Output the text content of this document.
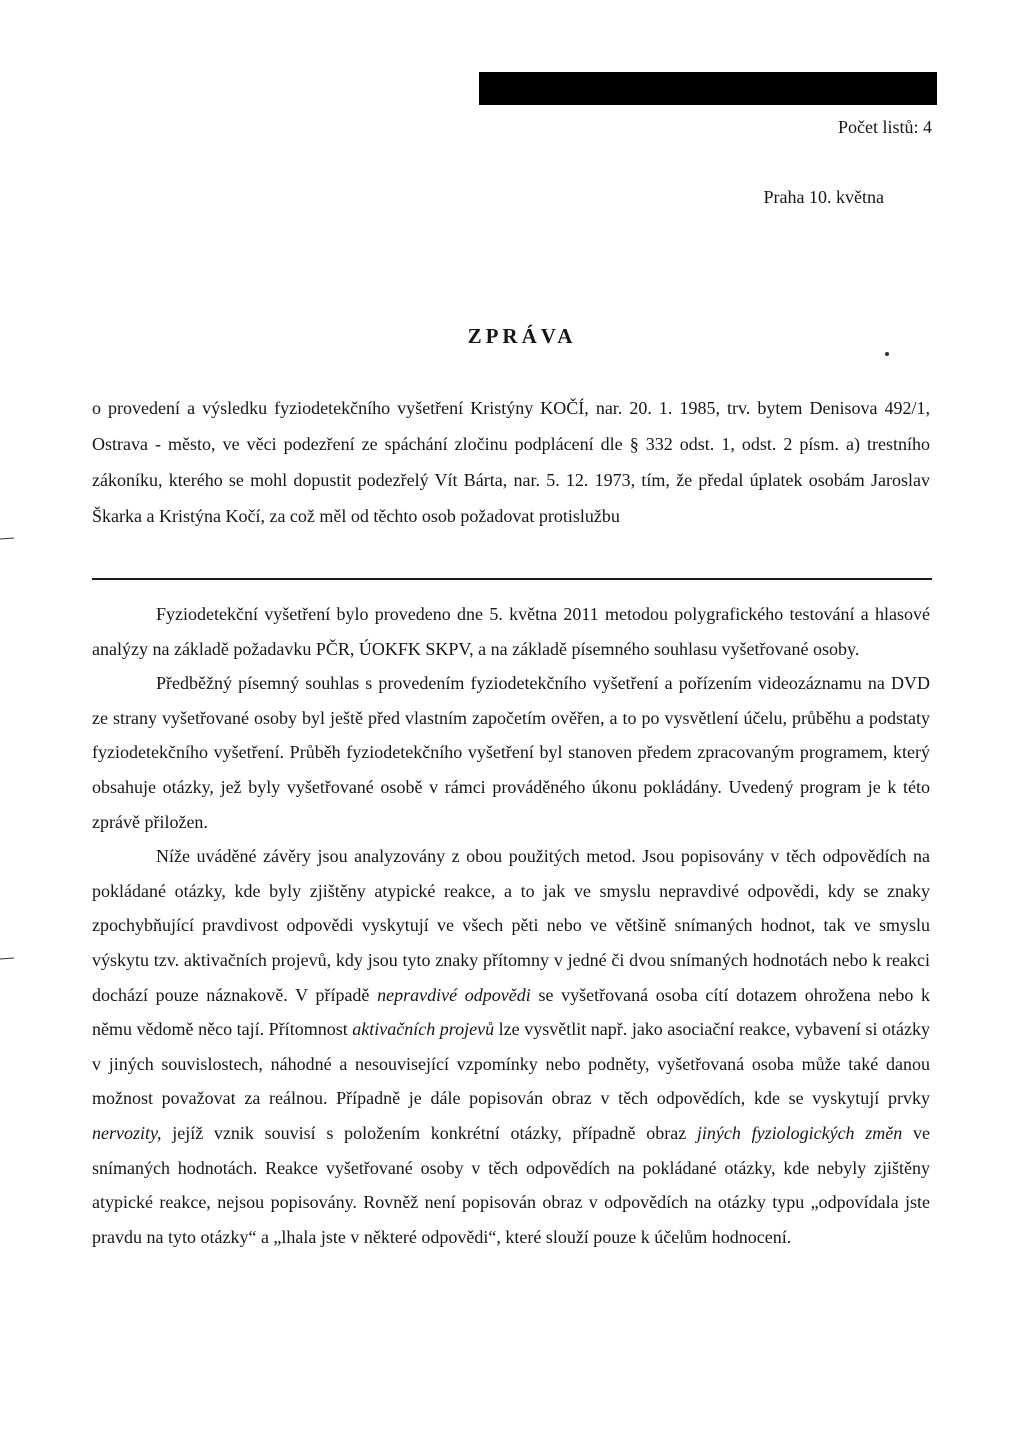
Počet listů: 4
Praha 10. května
ZPRÁVA

o provedení a výsledku fyziodetekčního vyšetření Kristýny KOČÍ, nar. 20. 1. 1985, trv. bytem Denisova 492/1, Ostrava - město, ve věci podezření ze spáchání zločinu podplácení dle § 332 odst. 1, odst. 2 písm. a) trestního zákoníku, kterého se mohl dopustit podezřelý Vít Bárta, nar. 5. 12. 1973, tím, že předal úplatek osobám Jaroslav Škarka a Kristýna Kočí, za což měl od těchto osob požadovat protislužbu

Fyziodetekční vyšetření bylo provedeno dne 5. května 2011 metodou polygrafického testování a hlasové analýzy na základě požadavku PČR, ÚOKFK SKPV, a na základě písemného souhlasu vyšetřované osoby.

Předběžný písemný souhlas s provedením fyziodetekčního vyšetření a pořízením videozáznamu na DVD ze strany vyšetřované osoby byl ještě před vlastním započetím ověřen, a to po vysvětlení účelu, průběhu a podstaty fyziodetekčního vyšetření. Průběh fyziodetekčního vyšetření byl stanoven předem zpracovaným programem, který obsahuje otázky, jež byly vyšetřované osobě v rámci prováděného úkonu pokládány. Uvedený program je k této zprávě přiložen.

Níže uváděné závěry jsou analyzovány z obou použitých metod. Jsou popisovány v těch odpovědích na pokládané otázky, kde byly zjištěny atypické reakce, a to jak ve smyslu nepravdivé odpovědi, kdy se znaky zpochybňující pravdivost odpovědi vyskytují ve všech pěti nebo ve většině snímaných hodnot, tak ve smyslu výskytu tzv. aktivačních projevů, kdy jsou tyto znaky přítomny v jedné či dvou snímaných hodnotách nebo k reakci dochází pouze náznakově. V případě nepravdivé odpovědi se vyšetřovaná osoba cítí dotazem ohrožena nebo k němu vědomě něco tají. Přítomnost aktivačních projevů lze vysvětlit např. jako asociační reakce, vybavení si otázky v jiných souvislostech, náhodné a nesouvisející vzpomínky nebo podněty, vyšetřovaná osoba může také danou možnost považovat za reálnou. Případně je dále popisován obraz v těch odpovědích, kde se vyskytují prvky nervozity, jejíž vznik souvisí s položením konkrétní otázky, případně obraz jiných fyziologických změn ve snímaných hodnotách. Reakce vyšetřované osoby v těch odpovědích na pokládané otázky, kde nebyly zjištěny atypické reakce, nejsou popisovány. Rovněž není popisován obraz v odpovědích na otázky typu „odpovídala jste pravdu na tyto otázky“ a „lhala jste v některé odpovědi“, které slouží pouze k účelům hodnocení.
